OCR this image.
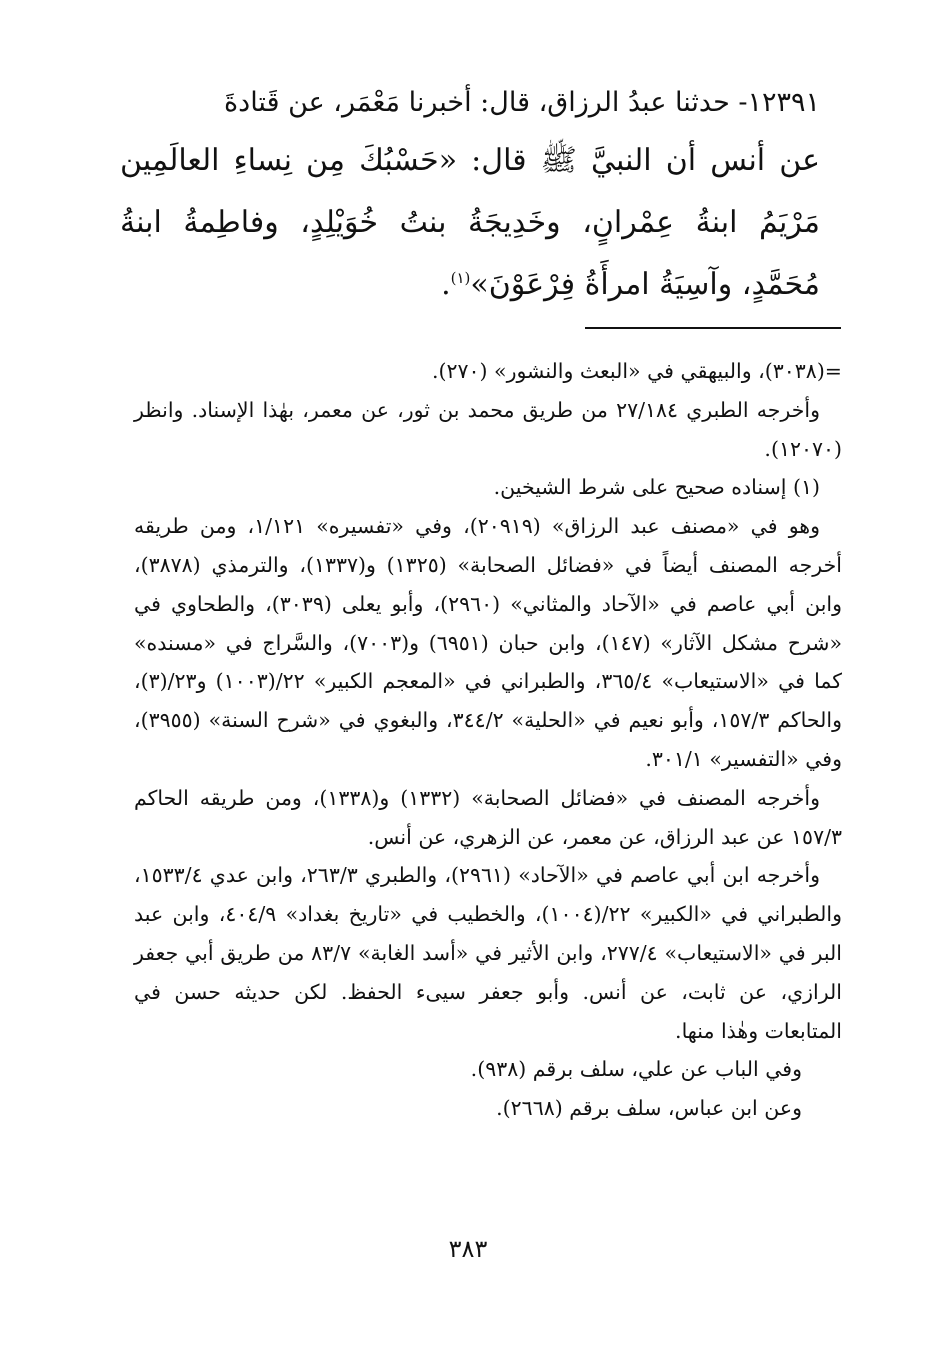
١٢٣٩١- حدثنا عبدُ الرزاق، قال: أخبرنا مَعْمَر، عن قَتادةَ

عن أنس أن النبيَّ ﷺ قال: «حَسْبُكَ مِن نِساءِ العالَمِين مَرْيَمُ ابنةُ عِمْرانٍ، وخَدِيجَةُ بنتُ خُوَيْلِدٍ، وفاطِمةُ ابنةُ مُحَمَّدٍ، وآسِيَةُ امرأَةُ فِرْعَوْنَ»$^{(١)}$.

=(٣٠٣٨)، والبيهقي في «البعث والنشور» (٢٧٠).

وأخرجه الطبري ٢٧/١٨٤ من طريق محمد بن ثور، عن معمر، بهٰذا الإسناد. وانظر (١٢٠٧٠).

(١) إسناده صحيح على شرط الشيخين.

وهو في «مصنف عبد الرزاق» (٢٠٩١٩)، وفي «تفسيره» ١/١٢١، ومن طريقه أخرجه المصنف أيضاً في «فضائل الصحابة» (١٣٢٥) و(١٣٣٧)، والترمذي (٣٨٧٨)، وابن أبي عاصم في «الآحاد والمثاني» (٢٩٦٠)، وأبو يعلى (٣٠٣٩)، والطحاوي في «شرح مشكل الآثار» (١٤٧)، وابن حبان (٦٩٥١) و(٧٠٠٣)، والسَّراج في «مسنده» كما في «الاستيعاب» ٣٦٥/٤، والطبراني في «المعجم الكبير» ٢٢/(١٠٠٣) و٢٣/(٣)، والحاكم ١٥٧/٣، وأبو نعيم في «الحلية» ٣٤٤/٢، والبغوي في «شرح السنة» (٣٩٥٥)، وفي «التفسير» ٣٠١/١.

وأخرجه المصنف في «فضائل الصحابة» (١٣٣٢) و(١٣٣٨)، ومن طريقه الحاكم ١٥٧/٣ عن عبد الرزاق، عن معمر، عن الزهري، عن أنس.

وأخرجه ابن أبي عاصم في «الآحاد» (٢٩٦١)، والطبري ٢٦٣/٣، وابن عدي ١٥٣٣/٤، والطبراني في «الكبير» ٢٢/(١٠٠٤)، والخطيب في «تاريخ بغداد» ٤٠٤/٩، وابن عبد البر في «الاستيعاب» ٢٧٧/٤، وابن الأثير في «أسد الغابة» ٨٣/٧ من طريق أبي جعفر الرازي، عن ثابت، عن أنس. وأبو جعفر سيىء الحفظ. لكن حديثه حسن في المتابعات وهٰذا منها.

وفي الباب عن علي، سلف برقم (٩٣٨).

وعن ابن عباس، سلف برقم (٢٦٦٨).

٣٨٣
